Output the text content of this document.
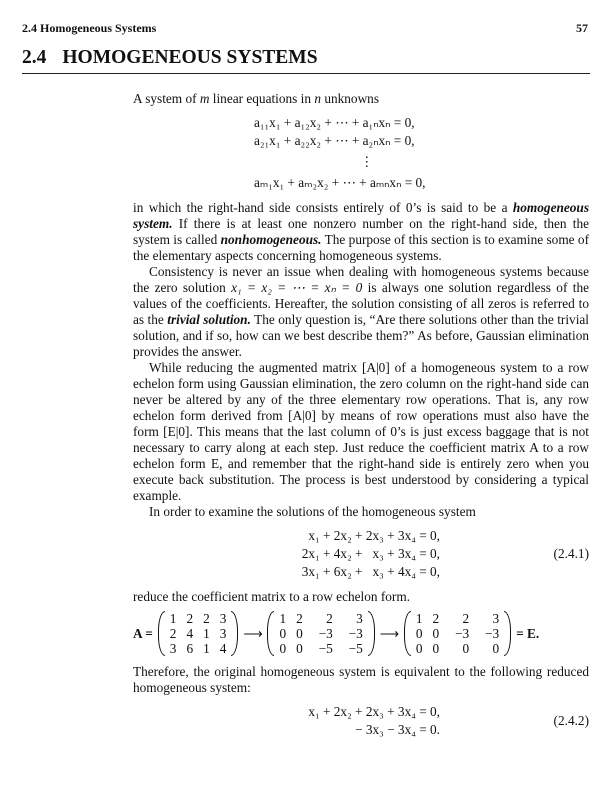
2.4 Homogeneous Systems	57
2.4 HOMOGENEOUS SYSTEMS

A system of m linear equations in n unknowns

a₁₁x₁ + a₁₂x₂ + ⋯ + a₁ₙxₙ = 0,
a₂₁x₁ + a₂₂x₂ + ⋯ + a₂ₙxₙ = 0,
⋮
aₘ₁x₁ + aₘ₂x₂ + ⋯ + aₘₙxₙ = 0,

in which the right-hand side consists entirely of 0’s is said to be a homogeneous system. If there is at least one nonzero number on the right-hand side, then the system is called nonhomogeneous. The purpose of this section is to examine some of the elementary aspects concerning homogeneous systems.

Consistency is never an issue when dealing with homogeneous systems because the zero solution x₁ = x₂ = ⋯ = xₙ = 0 is always one solution regardless of the values of the coefficients. Hereafter, the solution consisting of all zeros is referred to as the trivial solution. The only question is, “Are there solutions other than the trivial solution, and if so, how can we best describe them?” As before, Gaussian elimination provides the answer.

While reducing the augmented matrix [A|0] of a homogeneous system to a row echelon form using Gaussian elimination, the zero column on the right-hand side can never be altered by any of the three elementary row operations. That is, any row echelon form derived from [A|0] by means of row operations must also have the form [E|0]. This means that the last column of 0’s is just excess baggage that is not necessary to carry along at each step. Just reduce the coefficient matrix A to a row echelon form E, and remember that the right-hand side is entirely zero when you execute back substitution. The process is best understood by considering a typical example.

In order to examine the solutions of the homogeneous system

x₁ + 2x₂ + 2x₃ + 3x₄ = 0,
2x₁ + 4x₂ +   x₃ + 3x₄ = 0,
3x₁ + 6x₂ +   x₃ + 4x₄ = 0,
(2.4.1)

reduce the coefficient matrix to a row echelon form.

A =
1	2	2	3
2	4	1	3
3	6	1	4
⟶
1	2	2	3
0	0	−3	−3
0	0	−5	−5
⟶
1	2	2	3
0	0	−3	−3
0	0	0	0
= E.

Therefore, the original homogeneous system is equivalent to the following reduced homogeneous system:

x₁ + 2x₂ + 2x₃ + 3x₄ = 0,
− 3x₃ − 3x₄ = 0.
(2.4.2)
